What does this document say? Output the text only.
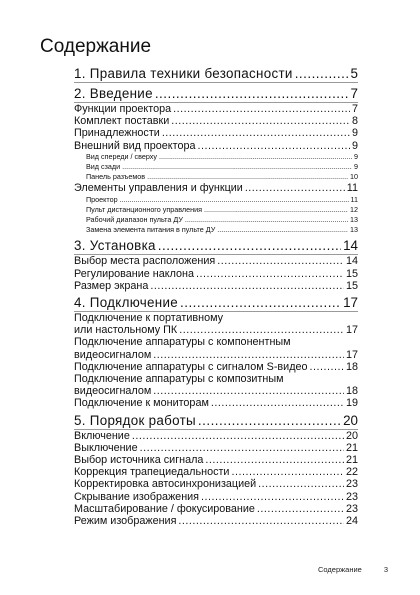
Содержание
1. Правила техники безопасности .....	5
2. Введение .....	7
Функции проектора .....	7
Комплект поставки .....	8
Принадлежности .....	9
Внешний вид проектора .....	9
Вид спереди / сверху .....	9
Вид сзади .....	9
Панель разъемов .....	10
Элементы управления и функции .....	11
Проектор .....	11
Пульт дистанционного управления .....	12
Рабочий диапазон пульта ДУ .....	13
Замена элемента питания в пульте ДУ .....	13
3. Установка .....	14
Выбор места расположения .....	14
Регулирование наклона .....	15
Размер экрана .....	15
4. Подключение .....	17
Подключение к портативному
или настольному ПК .....	17
Подключение аппаратуры с компонентным
видеосигналом .....	17
Подключение аппаратуры с сигналом S-видео .....	18
Подключение аппаратуры с композитным
видеосигналом .....	18
Подключение к мониторам .....	19
5. Порядок работы .....	20
Включение .....	20
Выключение .....	21
Выбор источника сигнала .....	21
Коррекция трапециедальности .....	22
Корректировка автосинхронизацией .....	23
Скрывание изображения .....	23
Масштабирование / фокусирование .....	23
Режим изображения .....	24
Содержание	3
